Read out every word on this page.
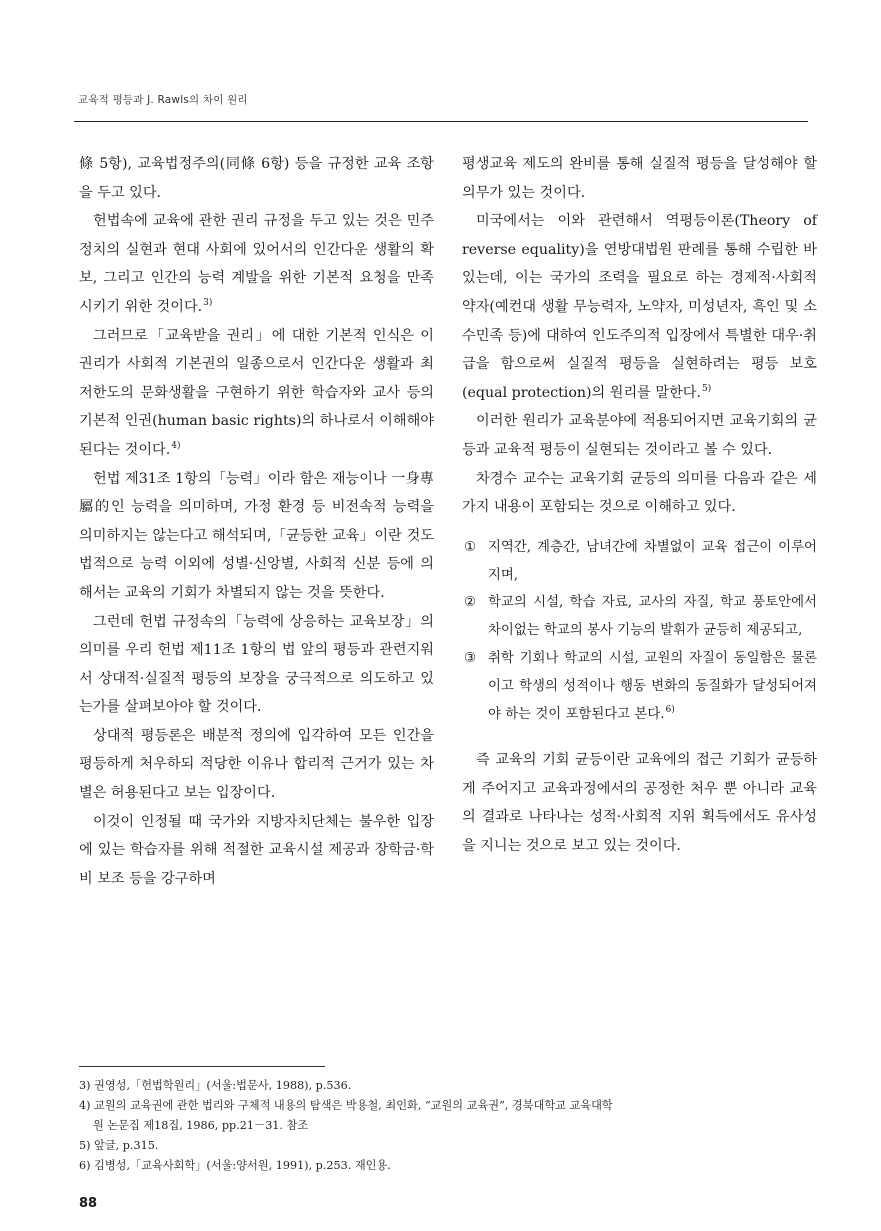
교육적 평등과 J. Rawls의 차이 원리

條 5항), 교육법정주의(同條 6항) 등을 규정한 교육 조항을 두고 있다.

헌법속에 교육에 관한 권리 규정을 두고 있는 것은 민주 정치의 실현과 현대 사회에 있어서의 인간다운 생활의 확보, 그리고 인간의 능력 계발을 위한 기본적 요청을 만족시키기 위한 것이다.$^{3)}$

그러므로「교육받을 권리」에 대한 기본적 인식은 이 권리가 사회적 기본권의 일종으로서 인간다운 생활과 최저한도의 문화생활을 구현하기 위한 학습자와 교사 등의 기본적 인권(human basic rights)의 하나로서 이해해야 된다는 것이다.$^{4)}$

헌법 제31조 1항의「능력」이라 함은 재능이나 一身專屬的인 능력을 의미하며, 가정 환경 등 비전속적 능력을 의미하지는 않는다고 해석되며,「균등한 교육」이란 것도 법적으로 능력 이외에 성별·신앙별, 사회적 신분 등에 의해서는 교육의 기회가 차별되지 않는 것을 뜻한다.

그런데 헌법 규정속의「능력에 상응하는 교육보장」의 의미를 우리 헌법 제11조 1항의 법 앞의 평등과 관련지워서 상대적·실질적 평등의 보장을 궁극적으로 의도하고 있는가를 살펴보아야 할 것이다.

상대적 평등론은 배분적 정의에 입각하여 모든 인간을 평등하게 처우하되 적당한 이유나 합리적 근거가 있는 차별은 허용된다고 보는 입장이다.

이것이 인정될 때 국가와 지방자치단체는 불우한 입장에 있는 학습자를 위해 적절한 교육시설 제공과 장학금·학비 보조 등을 강구하며

평생교육 제도의 완비를 통해 실질적 평등을 달성해야 할 의무가 있는 것이다.

미국에서는 이와 관련해서 역평등이론(Theory of reverse equality)을 연방대법원 판례를 통해 수립한 바 있는데, 이는 국가의 조력을 필요로 하는 경제적·사회적 약자(예컨대 생활 무능력자, 노약자, 미성년자, 흑인 및 소수민족 등)에 대하여 인도주의적 입장에서 특별한 대우·취급을 함으로써 실질적 평등을 실현하려는 평등 보호(equal protection)의 원리를 말한다.$^{5)}$

이러한 원리가 교육분야에 적용되어지면 교육기회의 균등과 교육적 평등이 실현되는 것이라고 볼 수 있다.

차경수 교수는 교육기회 균등의 의미를 다음과 같은 세가지 내용이 포함되는 것으로 이해하고 있다.

① 지역간, 계층간, 남녀간에 차별없이 교육 접근이 이루어지며,
② 학교의 시설, 학습 자료, 교사의 자질, 학교 풍토안에서 차이없는 학교의 봉사 기능의 발휘가 균등히 제공되고,
③ 취학 기회나 학교의 시설, 교원의 자질이 동일함은 물론이고 학생의 성적이나 행동 변화의 동질화가 달성되어져야 하는 것이 포함된다고 본다.$^{6)}$

즉 교육의 기회 균등이란 교육에의 접근 기회가 균등하게 주어지고 교육과정에서의 공정한 처우 뿐 아니라 교육의 결과로 나타나는 성적·사회적 지위 획득에서도 유사성을 지니는 것으로 보고 있는 것이다.

3) 권영성,「헌법학원리」(서울:법문사, 1988), p.536.
4) 교원의 교육권에 관한 법리와 구체적 내용의 탐색은 박용철, 최인화, “교원의 교육권”, 경북대학교 교육대학
원 논문집 제18집, 1986, pp.21－31. 참조
5) 앞글, p.315.
6) 김병성,「교육사회학」(서울:양서원, 1991), p.253. 재인용.
88
